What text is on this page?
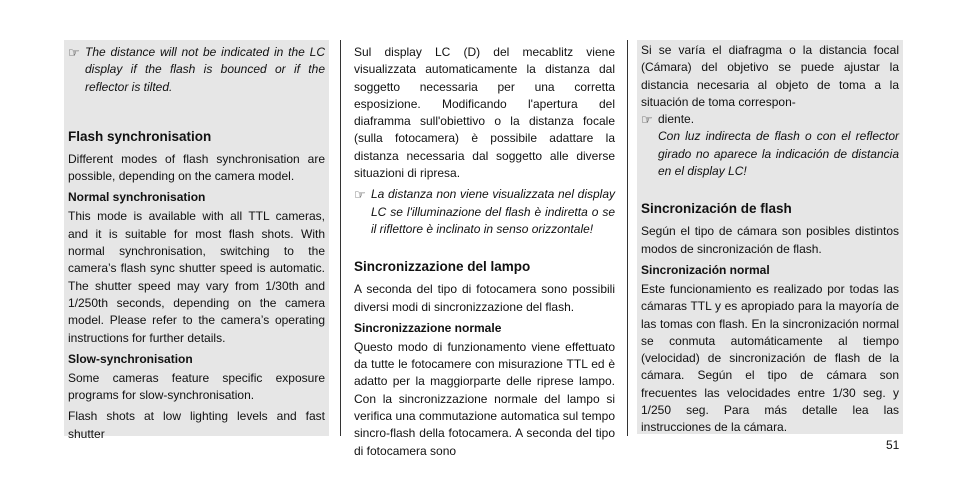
☞ The distance will not be indicated in the LC display if the flash is bounced or if the reflector is tilted.
Flash synchronisation

Different modes of flash synchronisation are possible, depending on the camera model.

Normal synchronisation

This mode is available with all TTL cameras, and it is suitable for most flash shots. With normal synchronisation, switching to the camera’s flash sync shutter speed is automatic. The shutter speed may vary from 1/30th and 1/250th seconds, depending on the camera model. Please refer to the camera’s operating instructions for further details.

Slow-synchronisation

Some cameras feature specific exposure programs for slow-synchronisation.

Flash shots at low lighting levels and fast shutter

Sul display LC (D) del mecablitz viene visualizzata automaticamente la distanza dal soggetto necessaria per una corretta esposizione. Modificando l'apertura del diaframma sull'obiettivo o la distanza focale (sulla fotocamera) è possibile adattare la distanza necessaria dal soggetto alle diverse situazioni di ripresa.

☞ La distanza non viene visualizzata nel display LC se l'illuminazione del flash è indiretta o se il riflettore è inclinato in senso orizzontale!
Sincronizzazione del lampo

A seconda del tipo di fotocamera sono possibili diversi modi di sincronizzazione del flash.

Sincronizzazione normale

Questo modo di funzionamento viene effettuato da tutte le fotocamere con misurazione TTL ed è adatto per la maggiorparte delle riprese lampo. Con la sincronizzazione normale del lampo si verifica una commutazione automatica sul tempo sincro-flash della fotocamera. A seconda del tipo di fotocamera sono

Si se varía el diafragma o la distancia focal (Cámara) del objetivo se puede ajustar la distancia necesaria al objeto de toma a la situación de toma correspon-

☞ diente.

Con luz indirecta de flash o con el reflector girado no aparece la indicación de distancia en el display LC!

Sincronización de flash

Según el tipo de cámara son posibles distintos modos de sincronización de flash.

Sincronización normal

Este funcionamiento es realizado por todas las cámaras TTL y es apropiado para la mayoría de las tomas con flash. En la sincronización normal se conmuta automáticamente al tiempo (velocidad) de sincronización de flash de la cámara. Según el tipo de cámara son frecuentes las velocidades entre 1/30 seg. y 1/250 seg. Para más detalle lea las instrucciones de la cámara.

51
